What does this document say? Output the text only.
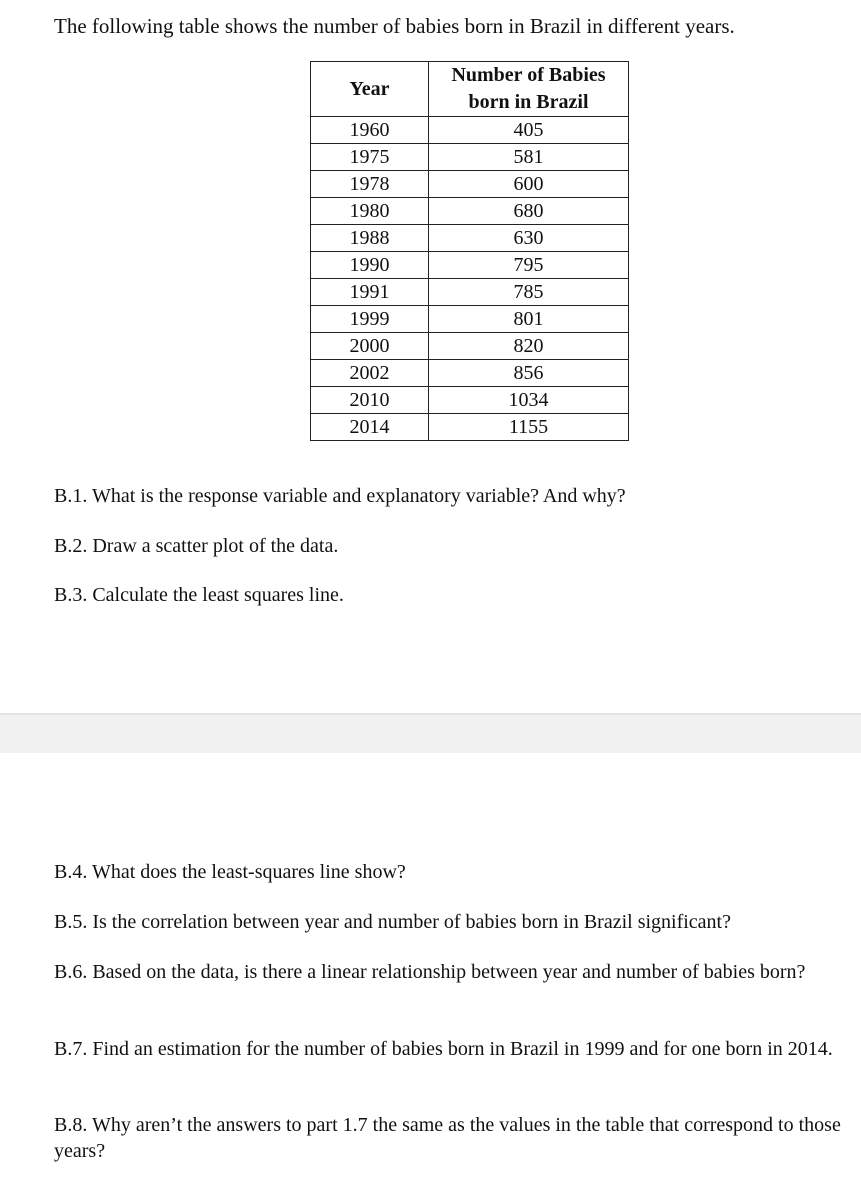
The following table shows the number of babies born in Brazil in different years.
Year	Number of Babies
born in Brazil
1960	405
1975	581
1978	600
1980	680
1988	630
1990	795
1991	785
1999	801
2000	820
2002	856
2010	1034
2014	1155

B.1. What is the response variable and explanatory variable? And why?

B.2. Draw a scatter plot of the data.

B.3. Calculate the least squares line.

B.4. What does the least-squares line show?

B.5. Is the correlation between year and number of babies born in Brazil significant?

B.6. Based on the data, is there a linear relationship between year and number of babies born?

B.7. Find an estimation for the number of babies born in Brazil in 1999 and for one born in 2014.

B.8. Why aren’t the answers to part 1.7 the same as the values in the table that correspond to those years?
